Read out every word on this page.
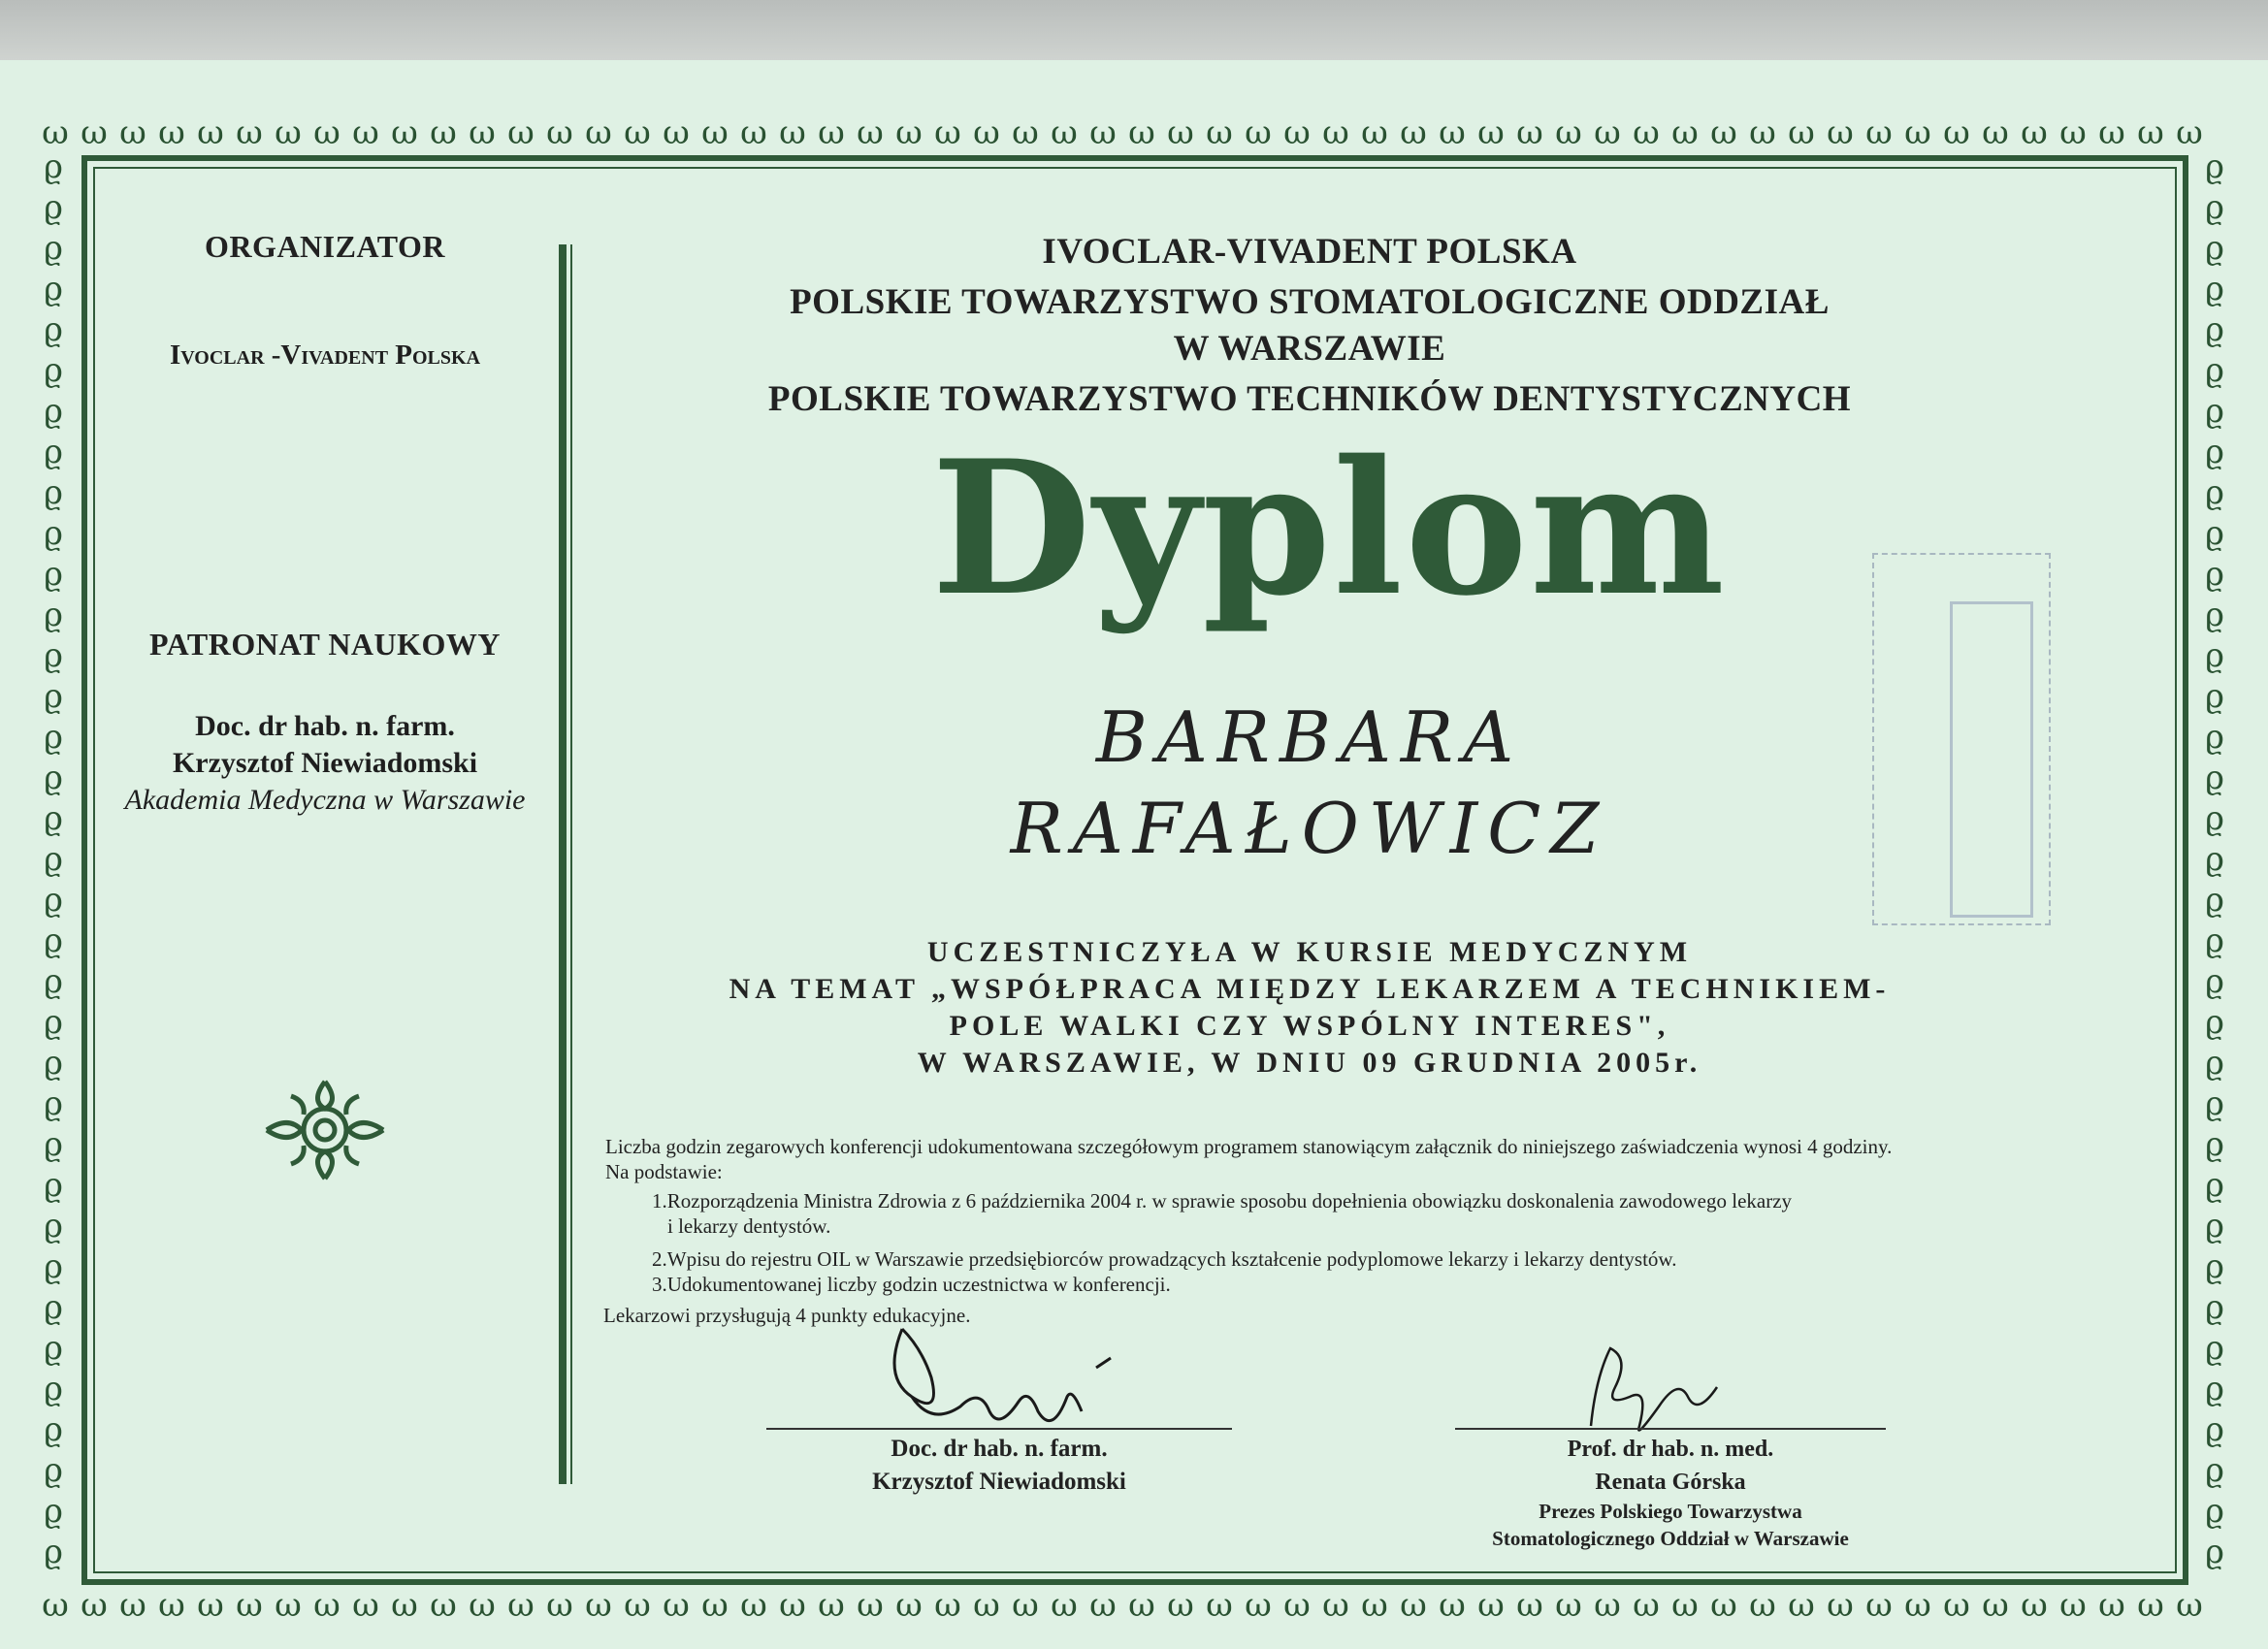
ω ω ω ω ω ω ω ω ω ω ω ω ω ω ω ω ω ω ω ω ω ω ω ω ω ω ω ω ω ω ω ω ω ω ω ω ω ω ω ω ω ω ω ω ω ω ω ω ω ω ω ω ω ω ω ω
ω ω ω ω ω ω ω ω ω ω ω ω ω ω ω ω ω ω ω ω ω ω ω ω ω ω ω ω ω ω ω ω ω ω ω ω ω ω ω ω ω ω ω ω ω ω ω ω ω ω ω ω ω ω ω ω
ϱ
ϱ
ϱ
ϱ
ϱ
ϱ
ϱ
ϱ
ϱ
ϱ
ϱ
ϱ
ϱ
ϱ
ϱ
ϱ
ϱ
ϱ
ϱ
ϱ
ϱ
ϱ
ϱ
ϱ
ϱ
ϱ
ϱ
ϱ
ϱ
ϱ
ϱ
ϱ
ϱ
ϱ
ϱ
ϱ
ϱ
ϱ
ϱ
ϱ
ϱ
ϱ
ϱ
ϱ
ϱ
ϱ
ϱ
ϱ
ϱ
ϱ
ϱ
ϱ
ϱ
ϱ
ϱ
ϱ
ϱ
ϱ
ϱ
ϱ
ϱ
ϱ
ϱ
ϱ
ϱ
ϱ
ϱ
ϱ
ϱ
ϱ
ORGANIZATOR
Ivoclar -Vivadent Polska
PATRONAT NAUKOWY
Doc. dr hab. n. farm.
Krzysztof Niewiadomski
Akademia Medyczna w Warszawie
IVOCLAR-VIVADENT POLSKA
POLSKIE TOWARZYSTWO STOMATOLOGICZNE ODDZIAŁ
W WARSZAWIE
POLSKIE TOWARZYSTWO TECHNIKÓW DENTYSTYCZNYCH
Dyplom
BARBARA
RAFAŁOWICZ
UCZESTNICZYŁA W KURSIE MEDYCZNYM
NA TEMAT „WSPÓŁPRACA MIĘDZY LEKARZEM A TECHNIKIEM-
POLE WALKI CZY WSPÓLNY INTERES",
W WARSZAWIE, W DNIU 09 GRUDNIA 2005r.
Liczba godzin zegarowych konferencji udokumentowana szczegółowym programem stanowiącym załącznik do niniejszego zaświadczenia wynosi 4 godziny.
Na podstawie:
1.Rozporządzenia Ministra Zdrowia z 6 października 2004 r. w sprawie sposobu dopełnienia obowiązku doskonalenia zawodowego lekarzy
i lekarzy dentystów.
2.Wpisu do rejestru OIL w Warszawie przedsiębiorców prowadzących kształcenie podyplomowe lekarzy i lekarzy dentystów.
3.Udokumentowanej liczby godzin uczestnictwa w konferencji.
Lekarzowi przysługują 4 punkty edukacyjne.
Doc. dr hab. n. farm.
Krzysztof Niewiadomski
Prof. dr hab. n. med.
Renata Górska
Prezes Polskiego Towarzystwa
Stomatologicznego Oddział w Warszawie
